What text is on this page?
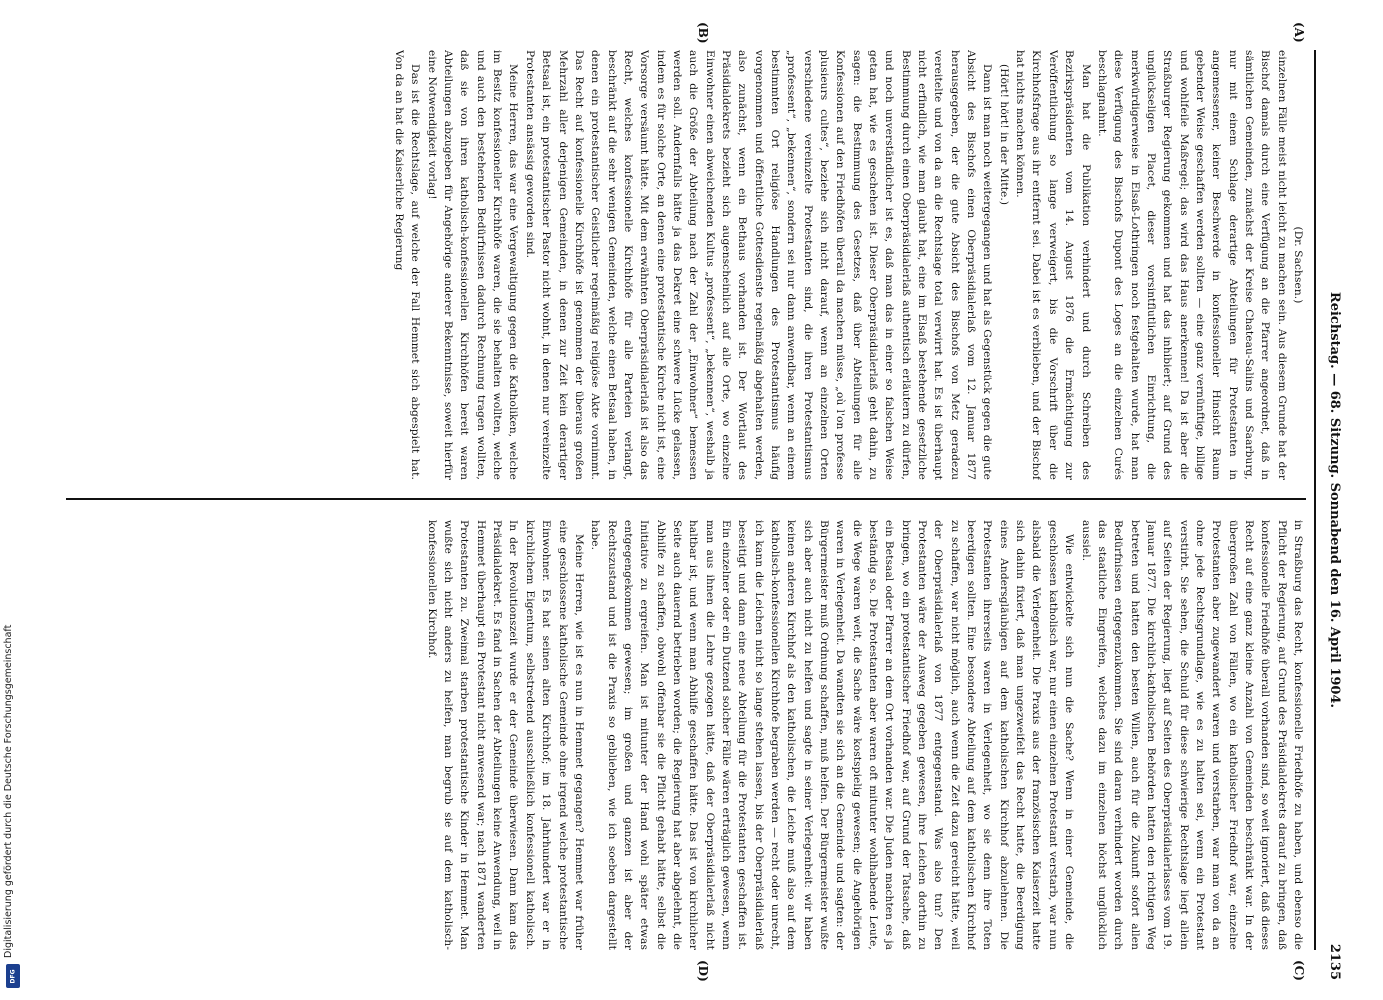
Reichstag. — 68. Sitzung. Sonnabend den 16. April 1904.
2135

(Dr. Sachsen.)

einzelnen Fälle meist nicht leicht zu machen sein. Aus diesem Grunde hat der Bischof damals durch eine Verfügung an die Pfarrer angeordnet, daß in sämtlichen Gemeinden, zunächst der Kreise Chateau-Salins und Saarburg, nur mit einem Schlage derartige Abteilungen für Protestanten in angemessener, keiner Beschwerde in konfessioneller Hinsicht Raum gebender Weise geschaffen werden sollten — eine ganz vernünftige, billige und wohlfeile Maßregel; das wird das Haus anerkennen! Da ist aber die Straßburger Regierung gekommen und hat das inhibiert; auf Grund des unglückseligen Placet, dieser vorsintflutlichen Einrichtung, die merkwürdigerweise in Elsaß-Lothringen noch festgehalten wurde, hat man diese Verfügung des Bischofs Dupont des Loges an die einzelnen Curés beschlagnahmt.

Man hat die Publikation verhindert und durch Schreiben des Bezirkspräsidenten vom 14. August 1876 die Ermächtigung zur Veröffentlichung so lange verweigert, bis die Vorschrift über die Kirchhofsfrage aus ihr entfernt sei. Dabei ist es verblieben, und der Bischof hat nichts machen können.

(Hört! hört! in der Mitte.)

Dann ist man noch weitergegangen und hat als Gegenstück gegen die gute Absicht des Bischofs einen Oberpräsidialerlaß vom 12. Januar 1877 herausgegeben, der die gute Absicht des Bischofs von Metz geradezu vereitelte und von da an die Rechtslage total verwirrt hat. Es ist überhaupt nicht erfindlich, wie man glaubt hat, eine im Elsaß bestehende gesetzliche Bestimmung durch einen Oberpräsidialerlaß authentisch erläutern zu dürfen, und noch unverständlicher ist es, daß man das in einer so falschen Weise getan hat, wie es geschehen ist. Dieser Oberpräsidialerlaß geht dahin, zu sagen: die Bestimmung des Gesetzes, daß über Abteilungen für alle Konfessionen auf den Friedhöfen überall da machen müsse, „où l'on professe plusieurs cultes“, beziehe sich nicht darauf, wenn an einzelnen Orten verschiedene vereinzelte Protestanten sind, die ihren Protestantismus „professent“, „bekennen“, sondern sei nur dann anwendbar, wenn an einem bestimmten Ort religiöse Handlungen des Protestantismus häufig vorgenommen und öffentliche Gottesdienste regelmäßig abgehalten werden, also zunächst, wenn ein Bethaus vorhanden ist. Der Wortlaut des Präsidialdekrets bezieht sich augenscheinlich auf alle Orte, wo einzelne Einwohner einen abweichenden Kultus „professent“, „bekennen“, weshalb ja auch die Größe der Abteilung nach der Zahl der „Einwohner“ bemessen werden soll. Andernfalls hätte ja das Dekret eine schwere Lücke gelassen, indem es für solche Orte, an denen eine protestantische Kirche nicht ist, eine Vorsorge versäumt hätte. Mit dem erwähnten Oberpräsidialerlaß ist also das Recht, welches konfessionelle Kirchhöfe für alle Parteien verlangt, beschränkt auf die sehr wenigen Gemeinden, welche einen Betsaal haben, in denen ein protestantischer Geistlicher regelmäßig religiöse Akte vornimmt. Das Recht auf konfessionelle Kirchhöfe ist genommen der überaus großen Mehrzahl aller derjenigen Gemeinden, in denen zur Zeit kein derartiger Betsaal ist, ein protestantischer Pastor nicht wohnt, in denen nur vereinzelte Protestanten ansässig geworden sind.

Meine Herren, das war eine Vergewaltigung gegen die Katholiken, welche im Besitz konfessioneller Kirchhöfe waren, die sie behalten wollten, welche und auch den bestehenden Bedürfnissen dadurch Rechnung tragen wollten, daß sie von ihren katholisch-konfessionellen Kirchhöfen bereit waren Abteilungen abzugeben für Angehörige anderer Bekenntnisse, soweit hierfür eine Notwendigkeit vorlag!

Das ist die Rechtslage, auf welche der Fall Hemmet sich abgespielt hat. Von da an hat die Kaiserliche Regierung

in Straßburg das Recht, konfessionelle Friedhöfe zu haben, und ebenso die Pflicht der Regierung, auf Grund des Präsidialdekrets darauf zu bringen, daß konfessionelle Friedhöfe überall vorhanden sind, so weit ignoriert, daß dieses Recht auf eine ganz kleine Anzahl von Gemeinden beschränkt war. In der übergroßen Zahl von Fällen, wo ein katholischer Friedhof war, einzelne Protestanten aber zugewandert waren und verstarben, war man von da an ohne jede Rechtsgrundlage, wie es zu halten sei, wenn ein Protestant verstirbt. Sie sehen, die Schuld für diese schwierige Rechtslage liegt allein auf Seiten der Regierung, liegt auf Seiten des Oberpräsidialerlasses vom 19. Januar 1877. Die kirchlich-katholischen Behörden hatten den richtigen Weg betreten und hatten den besten Willen, auch für die Zukunft sofort allen Bedürfnissen entgegenzukommen. Sie sind daran verhindert worden durch das staatliche Eingreifen, welches dazu im einzelnen höchst unglücklich aussiel.

Wie entwickelte sich nun die Sache? Wenn in einer Gemeinde, die geschlossen katholisch war, nur einen einzelnen Protestant verstarb, war nun alsbald die Verlegenheit. Die Praxis aus der französischen Kaiserzeit hatte sich dahin fixiert, daß man ungezweifelt das Recht hatte, die Beerdigung eines Andersgläubigen auf dem katholischen Kirchhof abzulehnen. Die Protestanten ihrerseits waren in Verlegenheit, wo sie denn ihre Toten beerdigen sollten. Eine besondere Abteilung auf dem katholischen Kirchhof zu schaffen, war nicht möglich, auch wenn die Zeit dazu gereicht hätte, weil der Oberpräsidialerlaß von 1877 entgegenstand. Was also tun? Den Protestanten wäre der Ausweg gegeben gewesen, ihre Leichen dorthin zu bringen, wo ein protestantischer Friedhof war, auf Grund der Tatsache, daß ein Betsaal oder Pfarrer an dem Ort vorhanden war. Die Juden machten es ja beständig so. Die Protestanten aber waren oft mitunter wohlhabende Leute, die Wege waren weit, die Sache wäre kostspielig gewesen; die Angehörigen waren in Verlegenheit. Da wandten sie sich an die Gemeinde und sagten: der Bürgermeister muß Ordnung schaffen, muß helfen. Der Bürgermeister wußte sich aber auch nicht zu helfen und sagte in seiner Verlegenheit: wir haben keinen anderen Kirchhof als den katholischen, die Leiche muß also auf dem katholisch-konfessionellen Kirchhofe begraben werden — recht oder unrecht, ich kann die Leichen nicht so lange stehen lassen, bis der Oberpräsidialerlaß beseitigt und dann eine neue Abteilung für die Protestanten geschaffen ist. Ein einzelner oder ein Dutzend solcher Fälle wären erträglich gewesen, wenn man aus ihnen die Lehre gezogen hätte, daß der Oberpräsidialerlaß nicht haltbar ist, und wenn man Abhilfe geschaffen hätte. Das ist von kirchlicher Seite auch dauernd betrieben worden; die Regierung hat aber abgelehnt, die Abhilfe zu schaffen, obwohl offenbar sie die Pflicht gehabt hätte, selbst die Initiative zu ergreifen. Man ist mitunter der Hand wohl später etwas entgegengekommen gewesen; im großen und ganzen ist aber der Rechtszustand und ist die Praxis so geblieben, wie ich soeben dargestellt habe.

Meine Herren, wie ist es nun in Hemmet gegangen? Hemmet war früher eine geschlossene katholische Gemeinde ohne irgend welche protestantische Einwohner. Es hat seinen alten Kirchhof; im 18. Jahrhundert war er in kirchlichem Eigentum, selbstredend ausschließlich konfessionell katholisch. In der Revolutionszeit wurde er der Gemeinde überwiesen. Dann kam das Präsidialdekret. Es fand in Sachen der Abteilungen keine Anwendung, weil in Hemmet überhaupt ein Protestant nicht anwesend war; nach 1871 wanderten Protestanten zu. Zweimal starben protestantische Kinder in Hemmet. Man wußte sich nicht anders zu helfen, man begrub sie auf dem katholisch-konfessionellen Kirchhof.

(A)
(B)
(C)
(D)
Digitalisierung gefördert durch die Deutsche Forschungsgemeinschaft
DFG
